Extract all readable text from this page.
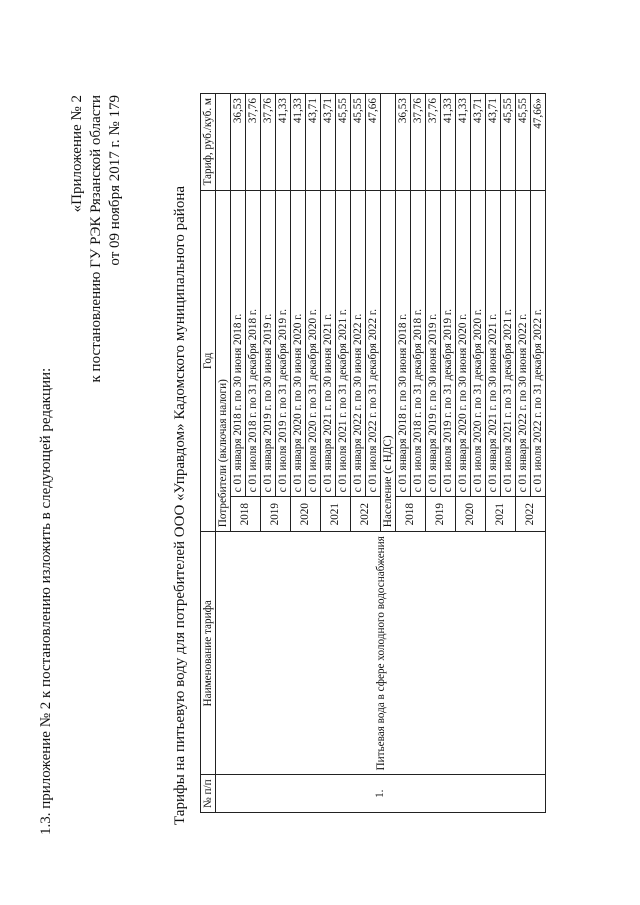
1.3. приложение № 2 к постановлению изложить в следующей редакции:
«Приложение № 2 к постановлению ГУ РЭК Рязанской области от 09 ноября 2017 г. № 179
Тарифы на питьевую воду для потребителей ООО «Управдом» Кадомского муниципального района № п/п	Наименование тарифа	Год		Тариф, руб./куб. м
1.	Питьевая вода в сфере холодного водоснабжения	Потребители (включая налоги)		
		2018	с 01 января 2018 г. по 30 июня 2018 г.	36,53
			с 01 июля 2018 г. по 31 декабря 2018 г.	37,76
		2019	с 01 января 2019 г. по 30 июня 2019 г.	37,76
			с 01 июля 2019 г. по 31 декабря 2019 г.	41,33
		2020	с 01 января 2020 г. по 30 июня 2020 г.	41,33
			с 01 июля 2020 г. по 31 декабря 2020 г.	43,71
		2021	с 01 января 2021 г. по 30 июня 2021 г.	43,71
			с 01 июля 2021 г. по 31 декабря 2021 г.	45,55
		2022	с 01 января 2022 г. по 30 июня 2022 г.	45,55
			с 01 июля 2022 г. по 31 декабря 2022 г.	47,66
		Население (с НДС)		
		2018	с 01 января 2018 г. по 30 июня 2018 г.	36,53
			с 01 июля 2018 г. по 31 декабря 2018 г.	37,76
		2019	с 01 января 2019 г. по 30 июня 2019 г.	37,76
			с 01 июля 2019 г. по 31 декабря 2019 г.	41,33
		2020	с 01 января 2020 г. по 30 июня 2020 г.	41,33
			с 01 июля 2020 г. по 31 декабря 2020 г.	43,71
		2021	с 01 января 2021 г. по 30 июня 2021 г.	43,71
			с 01 июля 2021 г. по 31 декабря 2021 г.	45,55
		2022	с 01 января 2022 г. по 30 июня 2022 г.	45,55
			с 01 июля 2022 г. по 31 декабря 2022 г.	47,66»
